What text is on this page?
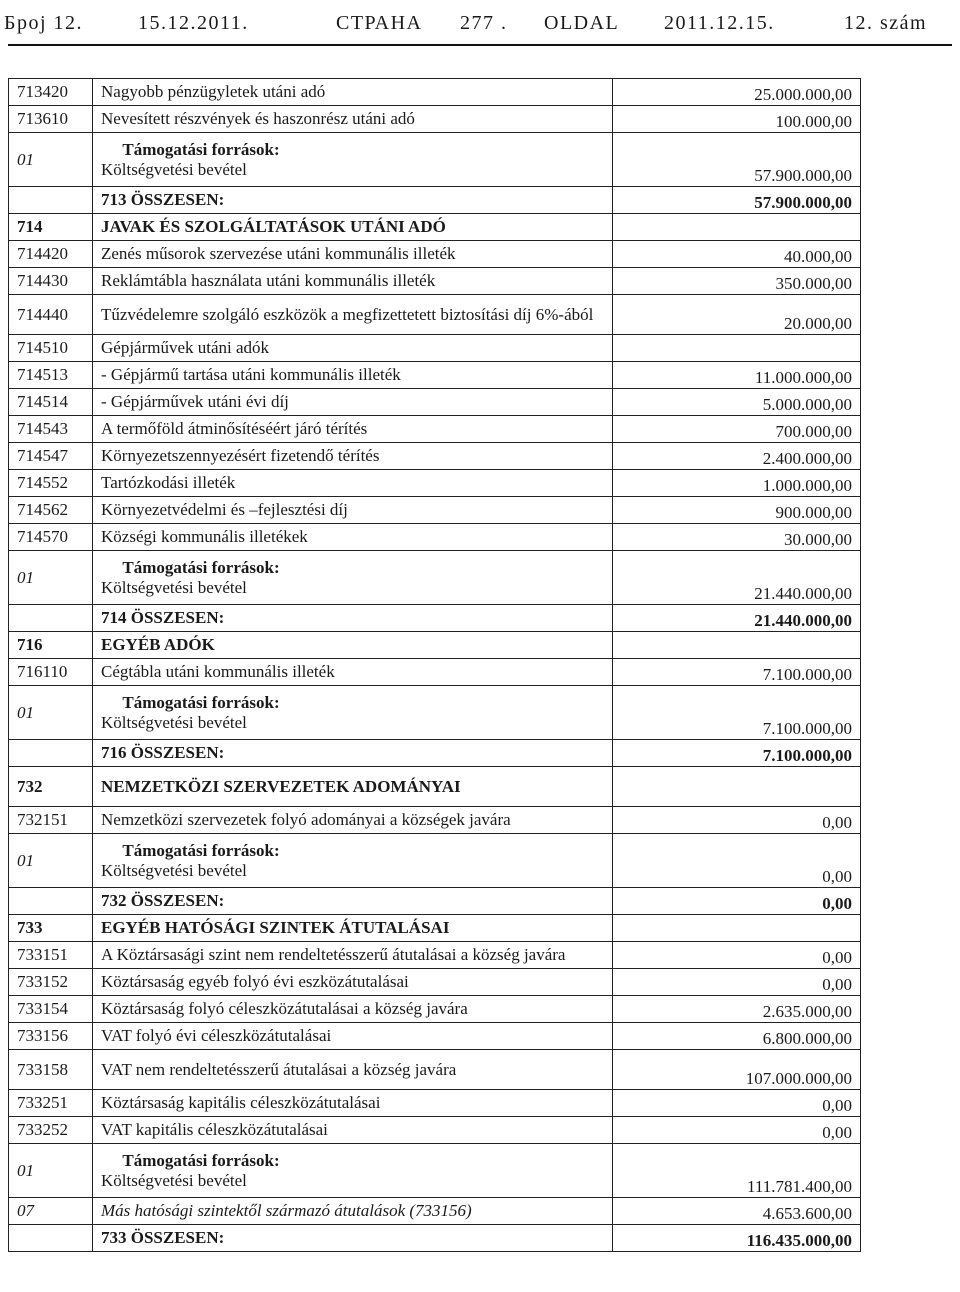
Број 12.	15.12.2011.	СТРАНА 277 . OLDAL 2011.12.15.	12. szám
713420	Nagyobb pénzügyletek utáni adó	25.000.000,00
713610	Nevesített részvények és haszonrész utáni adó	100.000,00
01	Támogatási források:
Költségvetési bevétel	57.900.000,00
	713 ÖSSZESEN:	57.900.000,00
714	JAVAK ÉS SZOLGÁLTATÁSOK UTÁNI ADÓ	
714420	Zenés műsorok szervezése utáni kommunális illeték	40.000,00
714430	Reklámtábla használata utáni kommunális illeték	350.000,00
714440	Tűzvédelemre szolgáló eszközök a megfizettetett biztosítási díj 6%-ából	20.000,00
714510	Gépjárművek utáni adók	
714513	- Gépjármű tartása utáni kommunális illeték	11.000.000,00
714514	- Gépjárművek utáni évi díj	5.000.000,00
714543	A termőföld átminősítéséért járó térítés	700.000,00
714547	Környezetszennyezésért fizetendő térítés	2.400.000,00
714552	Tartózkodási illeték	1.000.000,00
714562	Környezetvédelmi és –fejlesztési díj	900.000,00
714570	Községi kommunális illetékek	30.000,00
01	Támogatási források:
Költségvetési bevétel	21.440.000,00
	714 ÖSSZESEN:	21.440.000,00
716	EGYÉB ADÓK	
716110	Cégtábla utáni kommunális illeték	7.100.000,00
01	Támogatási források:
Költségvetési bevétel	7.100.000,00
	716 ÖSSZESEN:	7.100.000,00
732	NEMZETKÖZI SZERVEZETEK ADOMÁNYAI	
732151	Nemzetközi szervezetek folyó adományai a községek javára	0,00
01	Támogatási források:
Költségvetési bevétel	0,00
	732 ÖSSZESEN:	0,00
733	EGYÉB HATÓSÁGI SZINTEK ÁTUTALÁSAI	
733151	A Köztársasági szint nem rendeltetésszerű átutalásai a község javára	0,00
733152	Köztársaság egyéb folyó évi eszközátutalásai	0,00
733154	Köztársaság folyó céleszközátutalásai a község javára	2.635.000,00
733156	VAT folyó évi céleszközátutalásai	6.800.000,00
733158	VAT nem rendeltetésszerű átutalásai a község javára	107.000.000,00
733251	Köztársaság kapitális céleszközátutalásai	0,00
733252	VAT kapitális céleszközátutalásai	0,00
01	Támogatási források:
Költségvetési bevétel	111.781.400,00
07	Más hatósági szintektől származó átutalások (733156)	4.653.600,00
	733 ÖSSZESEN:	116.435.000,00
